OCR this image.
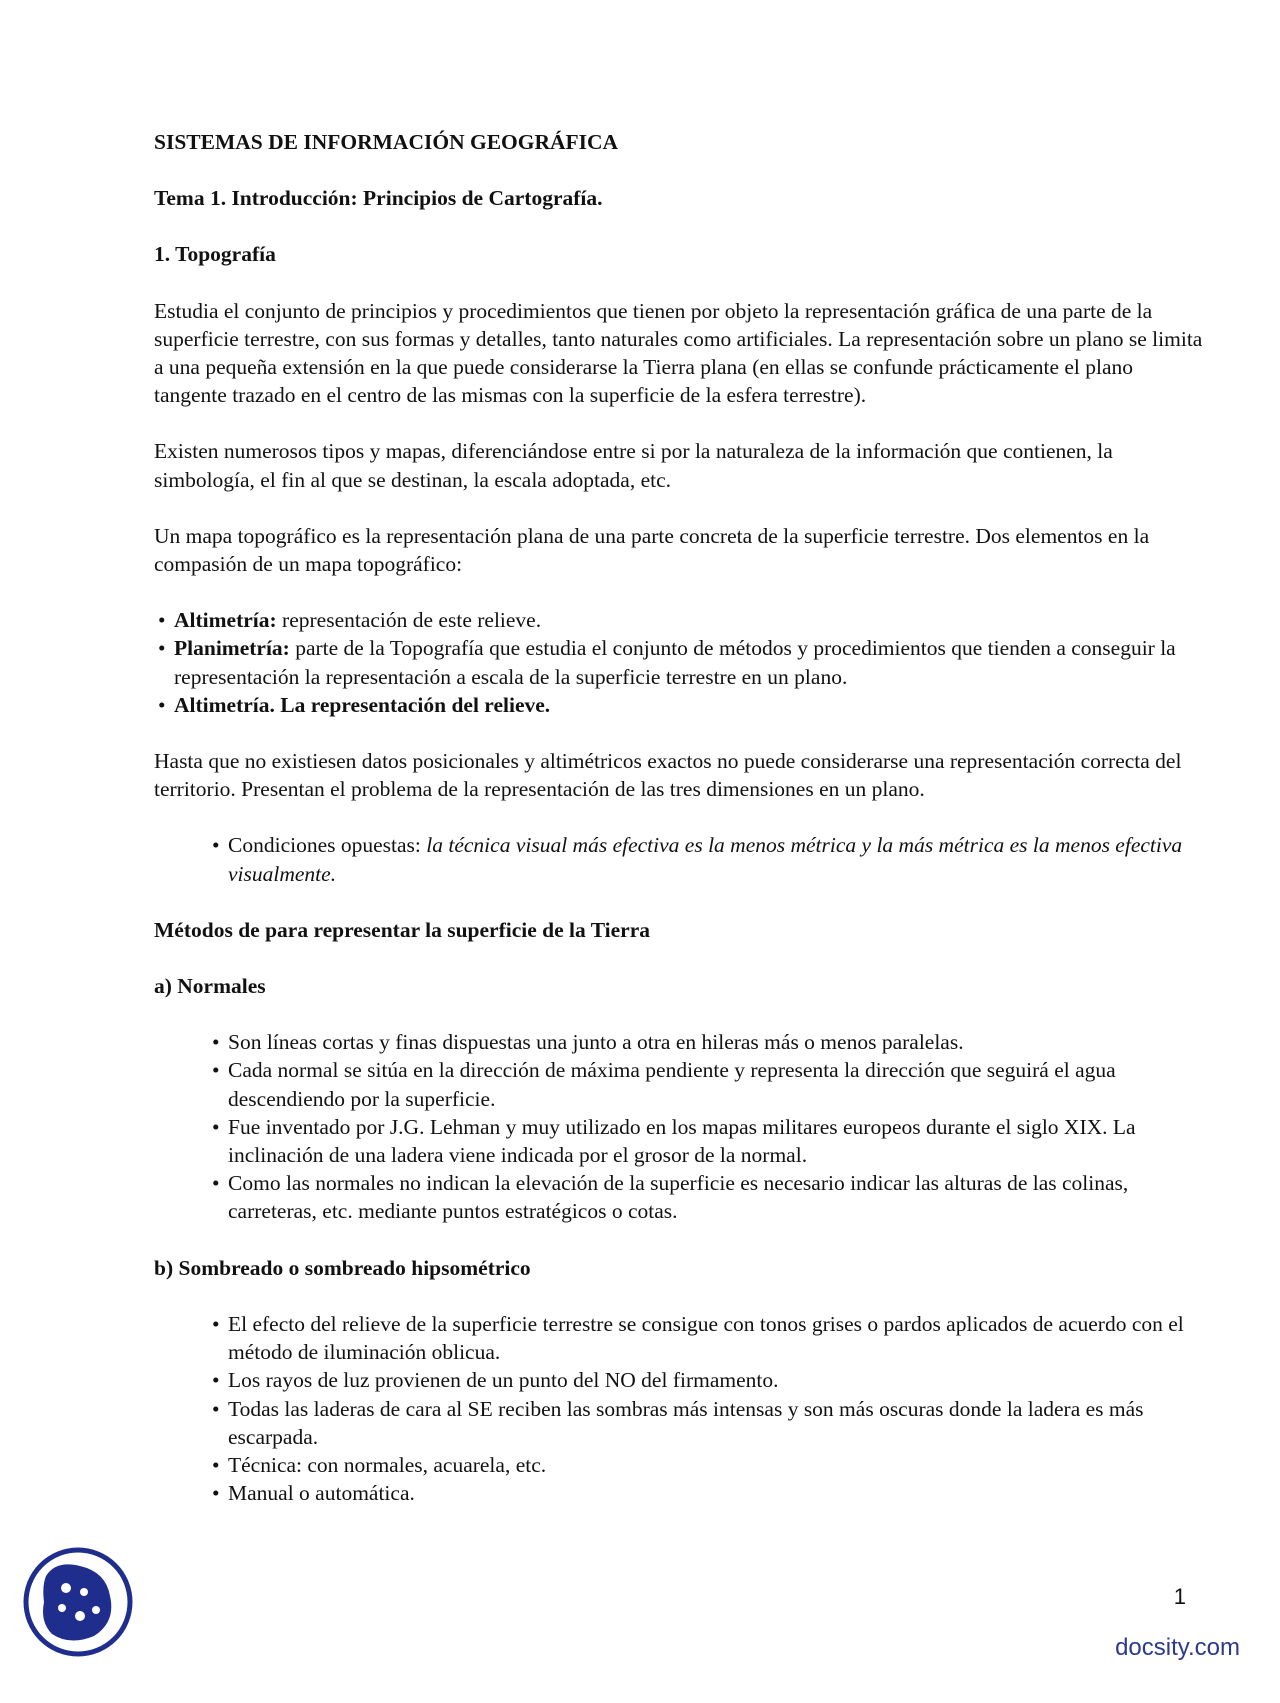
SISTEMAS DE INFORMACIÓN GEOGRÁFICA
Tema 1. Introducción: Principios de Cartografía.
1. Topografía

Estudia el conjunto de principios y procedimientos que tienen por objeto la representación gráfica de una parte de la superficie terrestre, con sus formas y detalles, tanto naturales como artificiales. La representación sobre un plano se limita a una pequeña extensión en la que puede considerarse la Tierra plana (en ellas se confunde prácticamente el plano tangente trazado en el centro de las mismas con la superficie de la esfera terrestre).

Existen numerosos tipos y mapas, diferenciándose entre si por la naturaleza de la información que contienen, la simbología, el fin al que se destinan, la escala adoptada, etc.

Un mapa topográfico es la representación plana de una parte concreta de la superficie terrestre. Dos elementos en la compasión de un mapa topográfico:

• Altimetría: representación de este relieve.
• Planimetría: parte de la Topografía que estudia el conjunto de métodos y procedimientos que tienden a conseguir la representación la representación a escala de la superficie terrestre en un plano.
• Altimetría. La representación del relieve.

Hasta que no existiesen datos posicionales y altimétricos exactos no puede considerarse una representación correcta del territorio. Presentan el problema de la representación de las tres dimensiones en un plano.

• Condiciones opuestas: la técnica visual más efectiva es la menos métrica y la más métrica es la menos efectiva visualmente.
Métodos de para representar la superficie de la Tierra
a) Normales
• Son líneas cortas y finas dispuestas una junto a otra en hileras más o menos paralelas.
• Cada normal se sitúa en la dirección de máxima pendiente y representa la dirección que seguirá el agua descendiendo por la superficie.
• Fue inventado por J.G. Lehman y muy utilizado en los mapas militares europeos durante el siglo XIX. La inclinación de una ladera viene indicada por el grosor de la normal.
• Como las normales no indican la elevación de la superficie es necesario indicar las alturas de las colinas, carreteras, etc. mediante puntos estratégicos o cotas.
b) Sombreado o sombreado hipsométrico
• El efecto del relieve de la superficie terrestre se consigue con tonos grises o pardos aplicados de acuerdo con el método de iluminación oblicua.
• Los rayos de luz provienen de un punto del NO del firmamento.
• Todas las laderas de cara al SE reciben las sombras más intensas y son más oscuras donde la ladera es más escarpada.
• Técnica: con normales, acuarela, etc.
• Manual o automática.
1
docsity.com
